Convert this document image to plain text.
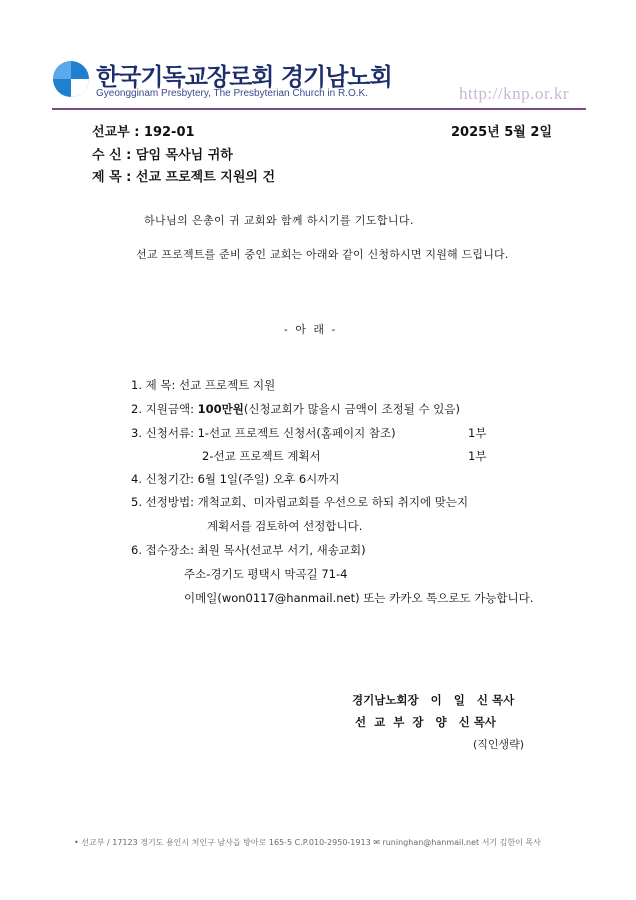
한국기독교장로회 경기남노회
Gyeongginam Presbytery, The Presbyterian Church in R.O.K.	http://knp.or.kr
선교부 : 192-01	2025년 5월 2일
수 신 : 담임 목사님 귀하
제 목 : 선교 프로젝트 지원의 건
하나님의 은총이 귀 교회와 함께 하시기를 기도합니다.
선교 프로젝트를 준비 중인 교회는 아래와 같이 신청하시면 지원해 드립니다.
- 아 래 -
1. 제 목: 선교 프로젝트 지원
2. 지원금액: 100만원(신청교회가 많을시 금액이 조정될 수 있음)
3. 신청서류: 1-선교 프로젝트 신청서(홈페이지 참조)	1부
2-선교 프로젝트 계획서	1부
4. 신청기간: 6월 1일(주일) 오후 6시까지
5. 선정방법: 개척교회、미자립교회를 우선으로 하되 취지에 맞는지
계획서를 검토하여 선정합니다.
6. 접수장소: 최원 목사(선교부 서기, 새송교회)
주소-경기도 평택시 막곡길 71-4
이메일(won0117@hanmail.net) 또는 카카오 톡으로도 가능합니다.
경기남노회장   이   일   신 목사
선  교  부  장   양   신 목사
(직인생략)
• 선교부 / 17123 경기도 용인시 처인구 남사읍 방아로 165-5 C.P.010-2950-1913 ✉ runinghan@hanmail.net 서기 김한이 목사
